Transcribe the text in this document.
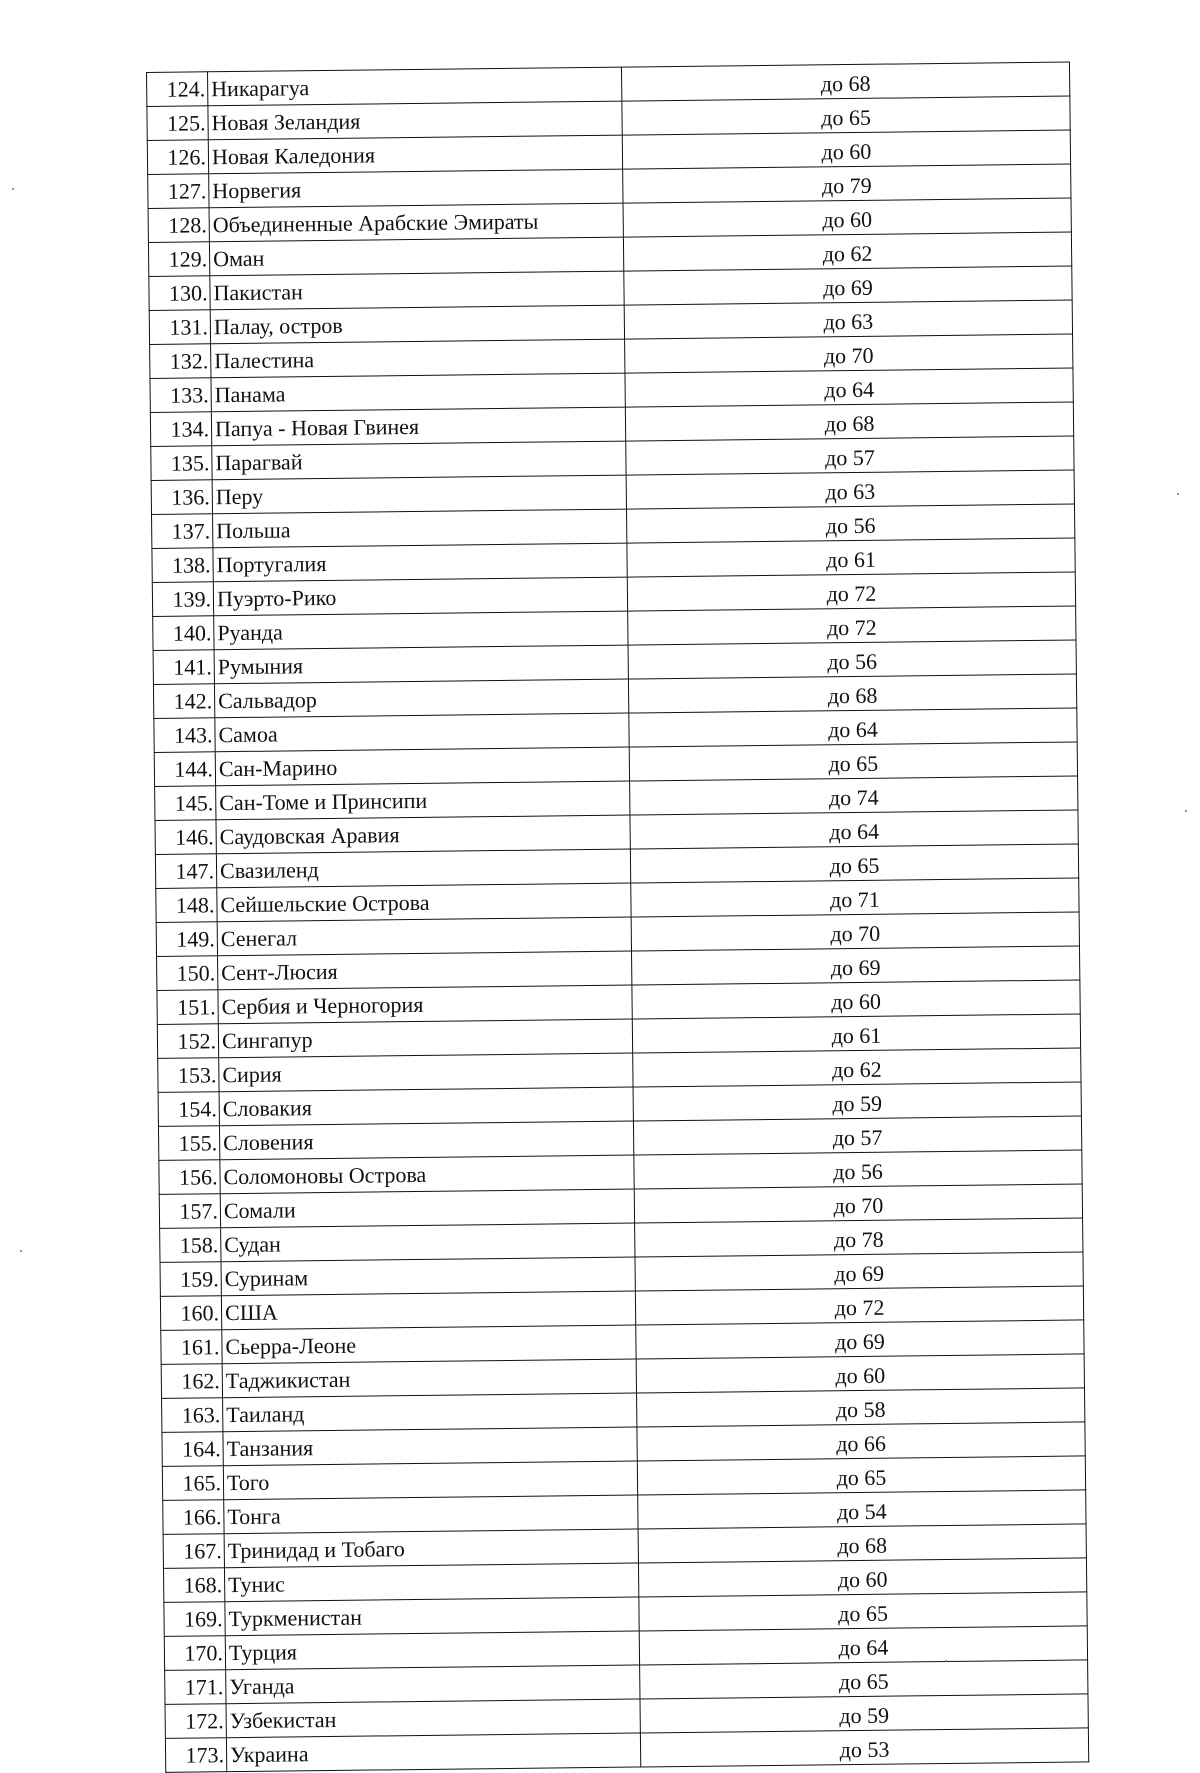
124.	Никарагуа	до 68
125.	Новая Зеландия	до 65
126.	Новая Каледония	до 60
127.	Норвегия	до 79
128.	Объединенные Арабские Эмираты	до 60
129.	Оман	до 62
130.	Пакистан	до 69
131.	Палау, остров	до 63
132.	Палестина	до 70
133.	Панама	до 64
134.	Папуа - Новая Гвинея	до 68
135.	Парагвай	до 57
136.	Перу	до 63
137.	Польша	до 56
138.	Португалия	до 61
139.	Пуэрто-Рико	до 72
140.	Руанда	до 72
141.	Румыния	до 56
142.	Сальвадор	до 68
143.	Самоа	до 64
144.	Сан-Марино	до 65
145.	Сан-Томе и Принсипи	до 74
146.	Саудовская Аравия	до 64
147.	Свазиленд	до 65
148.	Сейшельские Острова	до 71
149.	Сенегал	до 70
150.	Сент-Люсия	до 69
151.	Сербия и Черногория	до 60
152.	Сингапур	до 61
153.	Сирия	до 62
154.	Словакия	до 59
155.	Словения	до 57
156.	Соломоновы Острова	до 56
157.	Сомали	до 70
158.	Судан	до 78
159.	Суринам	до 69
160.	США	до 72
161.	Сьерра-Леоне	до 69
162.	Таджикистан	до 60
163.	Таиланд	до 58
164.	Танзания	до 66
165.	Того	до 65
166.	Тонга	до 54
167.	Тринидад и Тобаго	до 68
168.	Тунис	до 60
169.	Туркменистан	до 65
170.	Турция	до 64
171.	Уганда	до 65
172.	Узбекистан	до 59
173.	Украина	до 53
